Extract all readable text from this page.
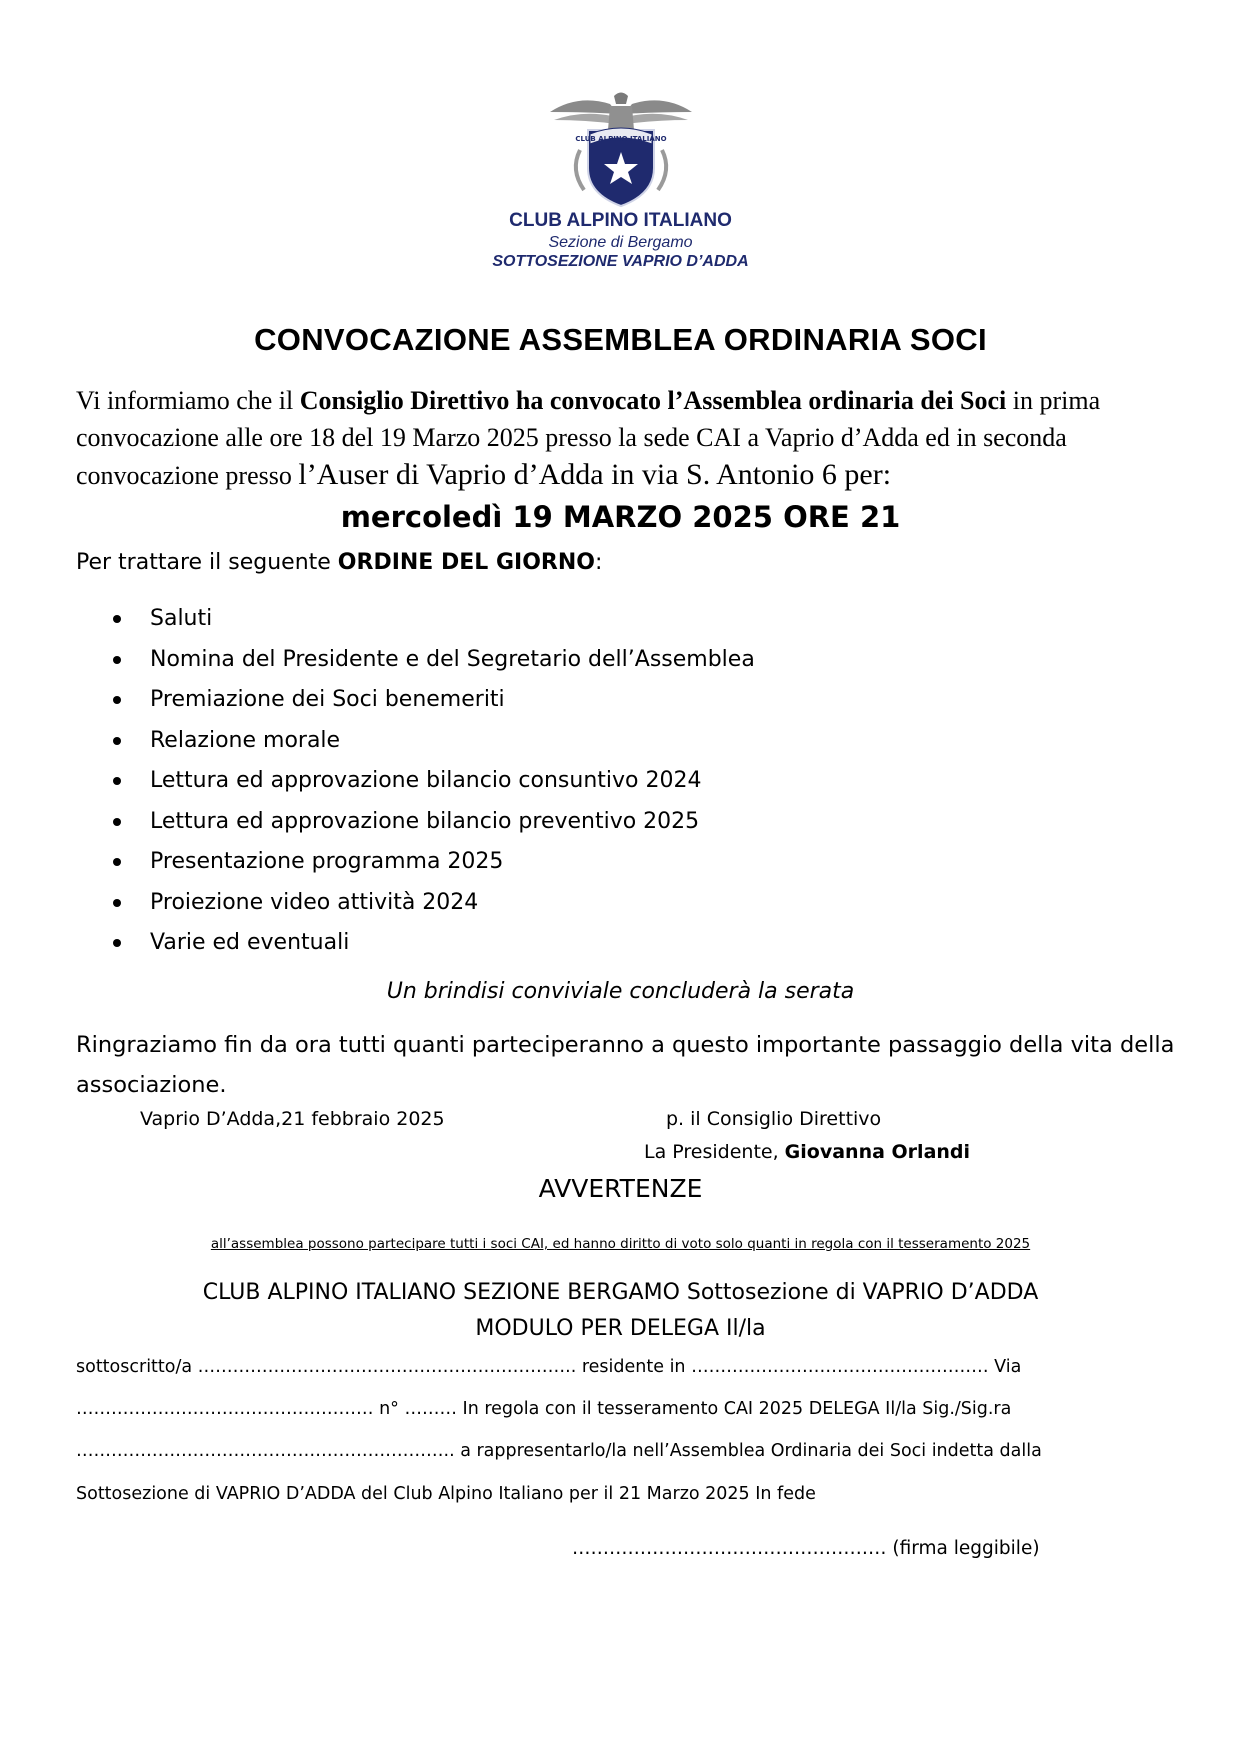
CLUB ALPINO ITALIANO
CLUB ALPINO ITALIANO
Sezione di Bergamo
SOTTOSEZIONE VAPRIO D’ADDA
CONVOCAZIONE ASSEMBLEA ORDINARIA SOCI
Vi informiamo che il Consiglio Direttivo ha convocato l’Assemblea ordinaria dei Soci in prima convocazione alle ore 18 del 19 Marzo 2025 presso la sede CAI a Vaprio d’Adda ed in seconda convocazione presso l’Auser di Vaprio d’Adda in via S. Antonio 6 per:
mercoledì 19 MARZO 2025 ORE 21
Per trattare il seguente ORDINE DEL GIORNO:
Saluti
Nomina del Presidente e del Segretario dell’Assemblea
Premiazione dei Soci benemeriti
Relazione morale
Lettura ed approvazione bilancio consuntivo 2024
Lettura ed approvazione bilancio preventivo 2025
Presentazione programma 2025
Proiezione video attività 2024
Varie ed eventuali
Un brindisi conviviale concluderà la serata
Ringraziamo fin da ora tutti quanti parteciperanno a questo importante passaggio della vita della associazione.
Vaprio D’Adda,21 febbraio 2025	p. il Consiglio Direttivo
La Presidente, Giovanna Orlandi
AVVERTENZE
all’assemblea possono partecipare tutti i soci CAI, ed hanno diritto di voto solo quanti in regola con il tesseramento 2025
CLUB ALPINO ITALIANO SEZIONE BERGAMO Sottosezione di VAPRIO D’ADDA
MODULO PER DELEGA Il/la
sottoscritto/a ……………………………………………………….. residente in …………………………………………… Via
…………………………………………… n° ……… In regola con il tesseramento CAI 2025 DELEGA Il/la Sig./Sig.ra
……………………………………………………….. a rappresentarlo/la nell’Assemblea Ordinaria dei Soci indetta dalla
Sottosezione di VAPRIO D’ADDA del Club Alpino Italiano per il 21 Marzo 2025 In fede
…………………………………………… (firma leggibile)
